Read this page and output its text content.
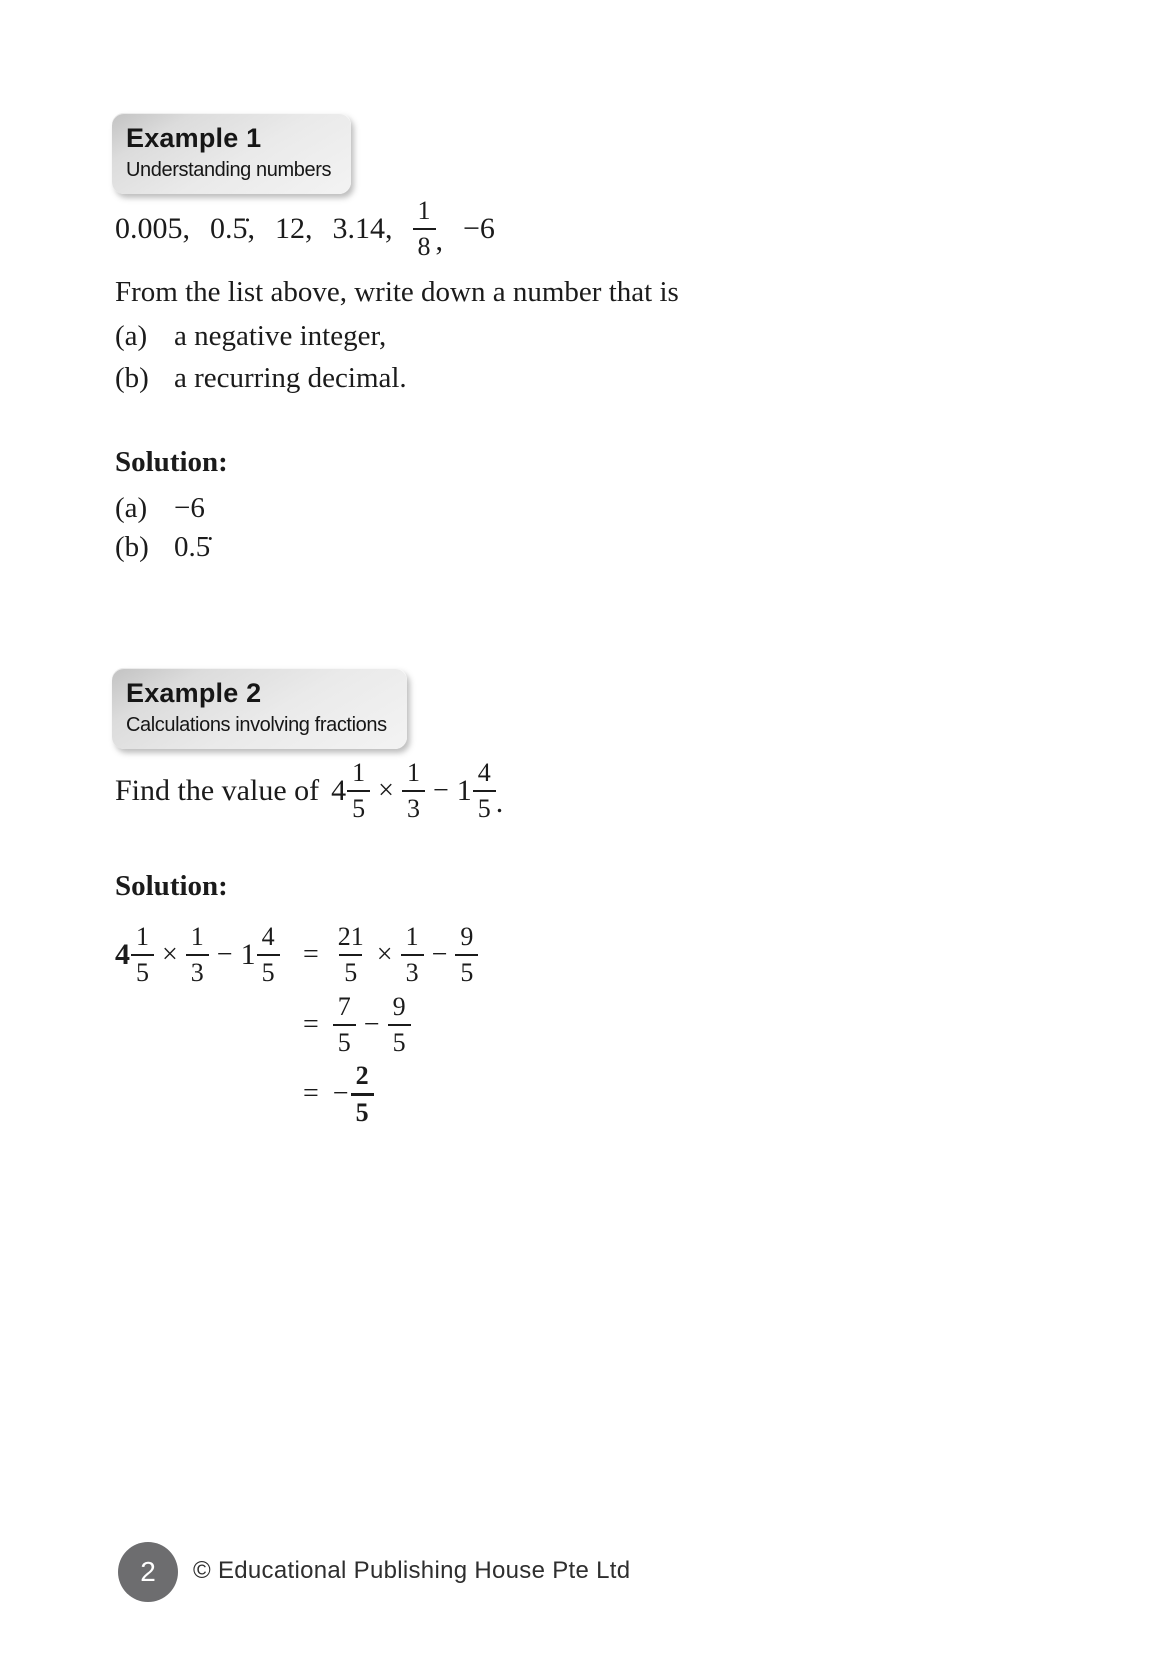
Example 1
Understanding numbers
0.005, 0.5̇, 12, 3.14, $\frac{1}{8}$ , −6
From the list above, write down a number that is
(a) a negative integer,
(b) a recurring decimal.
Solution:
(a) −6
(b) 0.5̇
Example 2
Calculations involving fractions
Find the value of $4 \frac{1}{5} \times \frac{1}{3} - 1 \frac{4}{5}$ .
Solution:
$4 \frac{1}{5} \times \frac{1}{3} - 1 \frac{4}{5} = \frac{21}{5} \times \frac{1}{3} - \frac{9}{5}$
= $\frac{7}{5} - \frac{9}{5}$
= − $\frac{2}{5}$
2 © Educational Publishing House Pte Ltd
